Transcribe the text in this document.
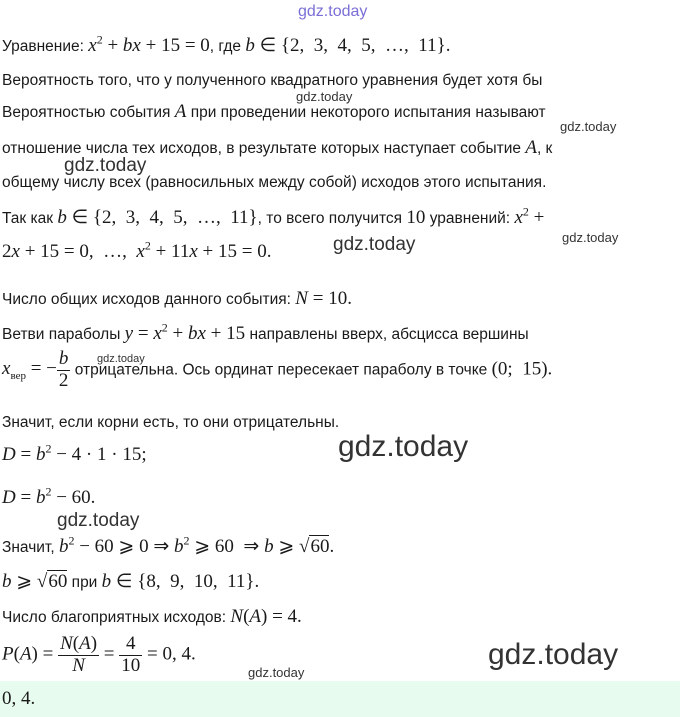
gdz.today
gdz.today
gdz.today
gdz.today
gdz.today
gdz.today
gdz.today
gdz.today
gdz.today
gdz.today
gdz.today
Уравнение: $x^2$ + bx + 15 = 0, где b ∈ {2,  3,  4,  5,  …,  11}.
Вероятность того, что у полученного квадратного уравнения будет хотя бы
Вероятностью события A при проведении некоторого испытания называют
отношение числа тех исходов, в результате которых наступает событие A, к
общему числу всех (равносильных между собой) исходов этого испытания.
Так как b ∈ {2,  3,  4,  5,  …,  11}, то всего получится 10 уравнений: $x^2$ +
2x + 15 = 0,  …,  $x^2 + 11x + 15 = 0$.
Число общих исходов данного события: N = 10.
Ветви параболы $y = x^2$ + bx + 15 направлены вверх, абсцисса вершины
$x_{вер}$ = − $\frac{b}{2}$ отрицательна. Ось ординат пересекает параболу в точке (0;  15).
Значит, если корни есть, то они отрицательны.
$D = b^2 - 4 \cdot 1 \cdot 15$;
$D = b^2 - 60$.
Значит, $b^2 - 60$ ⩾ 0 ⇒ $b^2$ ⩾ 60  ⇒ b ⩾ √60.
b ⩾ √60 при b ∈ {8,  9,  10,  11}.
Число благоприятных исходов: N(A) = 4.
$P(A) = \frac{N(A)}{N} = \frac{4}{10} = 0$, 4.
0, 4.
